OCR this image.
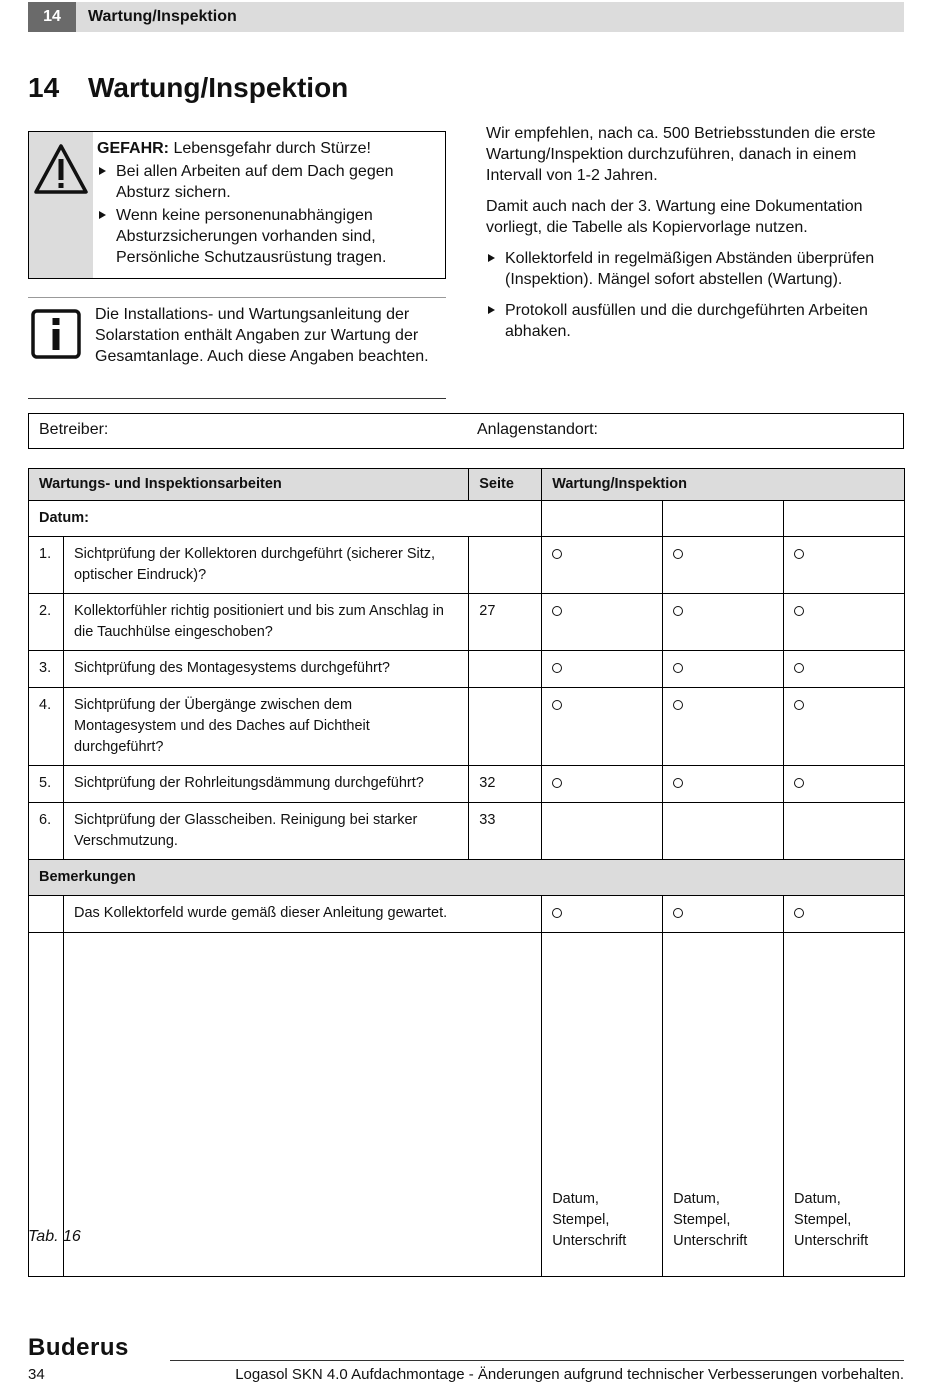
14	Wartung/Inspektion
14 Wartung/Inspektion
GEFAHR: Lebensgefahr durch Stürze!
Bei allen Arbeiten auf dem Dach gegen Absturz sichern.
Wenn keine personenunabhängigen Absturzsicherungen vorhanden sind, Persönliche Schutzausrüstung tragen.
Die Installations- und Wartungsanleitung der Solarstation enthält Angaben zur Wartung der Gesamtanlage. Auch diese Angaben beachten.

Wir empfehlen, nach ca. 500 Betriebsstunden die erste Wartung/Inspektion durchzuführen, danach in einem Intervall von 1-2 Jahren.

Damit auch nach der 3. Wartung eine Dokumentation vorliegt, die Tabelle als Kopiervorlage nutzen.

Kollektorfeld in regelmäßigen Abständen überprüfen (Inspektion). Mängel sofort abstellen (Wartung).
Protokoll ausfüllen und die durchgeführten Arbeiten abhaken.
Betreiber:	Anlagenstandort:
Wartungs- und Inspektionsarbeiten		Seite	Wartung/Inspektion		
Datum:					
1.	Sichtprüfung der Kollektoren durchgeführt (sicherer Sitz, optischer Eindruck)?				
2.	Kollektorfühler richtig positioniert und bis zum Anschlag in die Tauchhülse eingeschoben?	27			
3.	Sichtprüfung des Montagesystems durchgeführt?				
4.	Sichtprüfung der Übergänge zwischen dem Montagesystem und des Daches auf Dichtheit durchgeführt?				
5.	Sichtprüfung der Rohrleitungsdämmung durchgeführt?	32			
6.	Sichtprüfung der Glasscheiben. Reinigung bei starker Verschmutzung.	33			
Bemerkungen					
	Das Kollektorfeld wurde gemäß dieser Anleitung gewartet.				
			Datum, Stempel, Unterschrift	Datum, Stempel, Unterschrift	Datum, Stempel, Unterschrift
Tab. 16
Buderus
34	Logasol SKN 4.0 Aufdachmontage - Änderungen aufgrund technischer Verbesserungen vorbehalten.
